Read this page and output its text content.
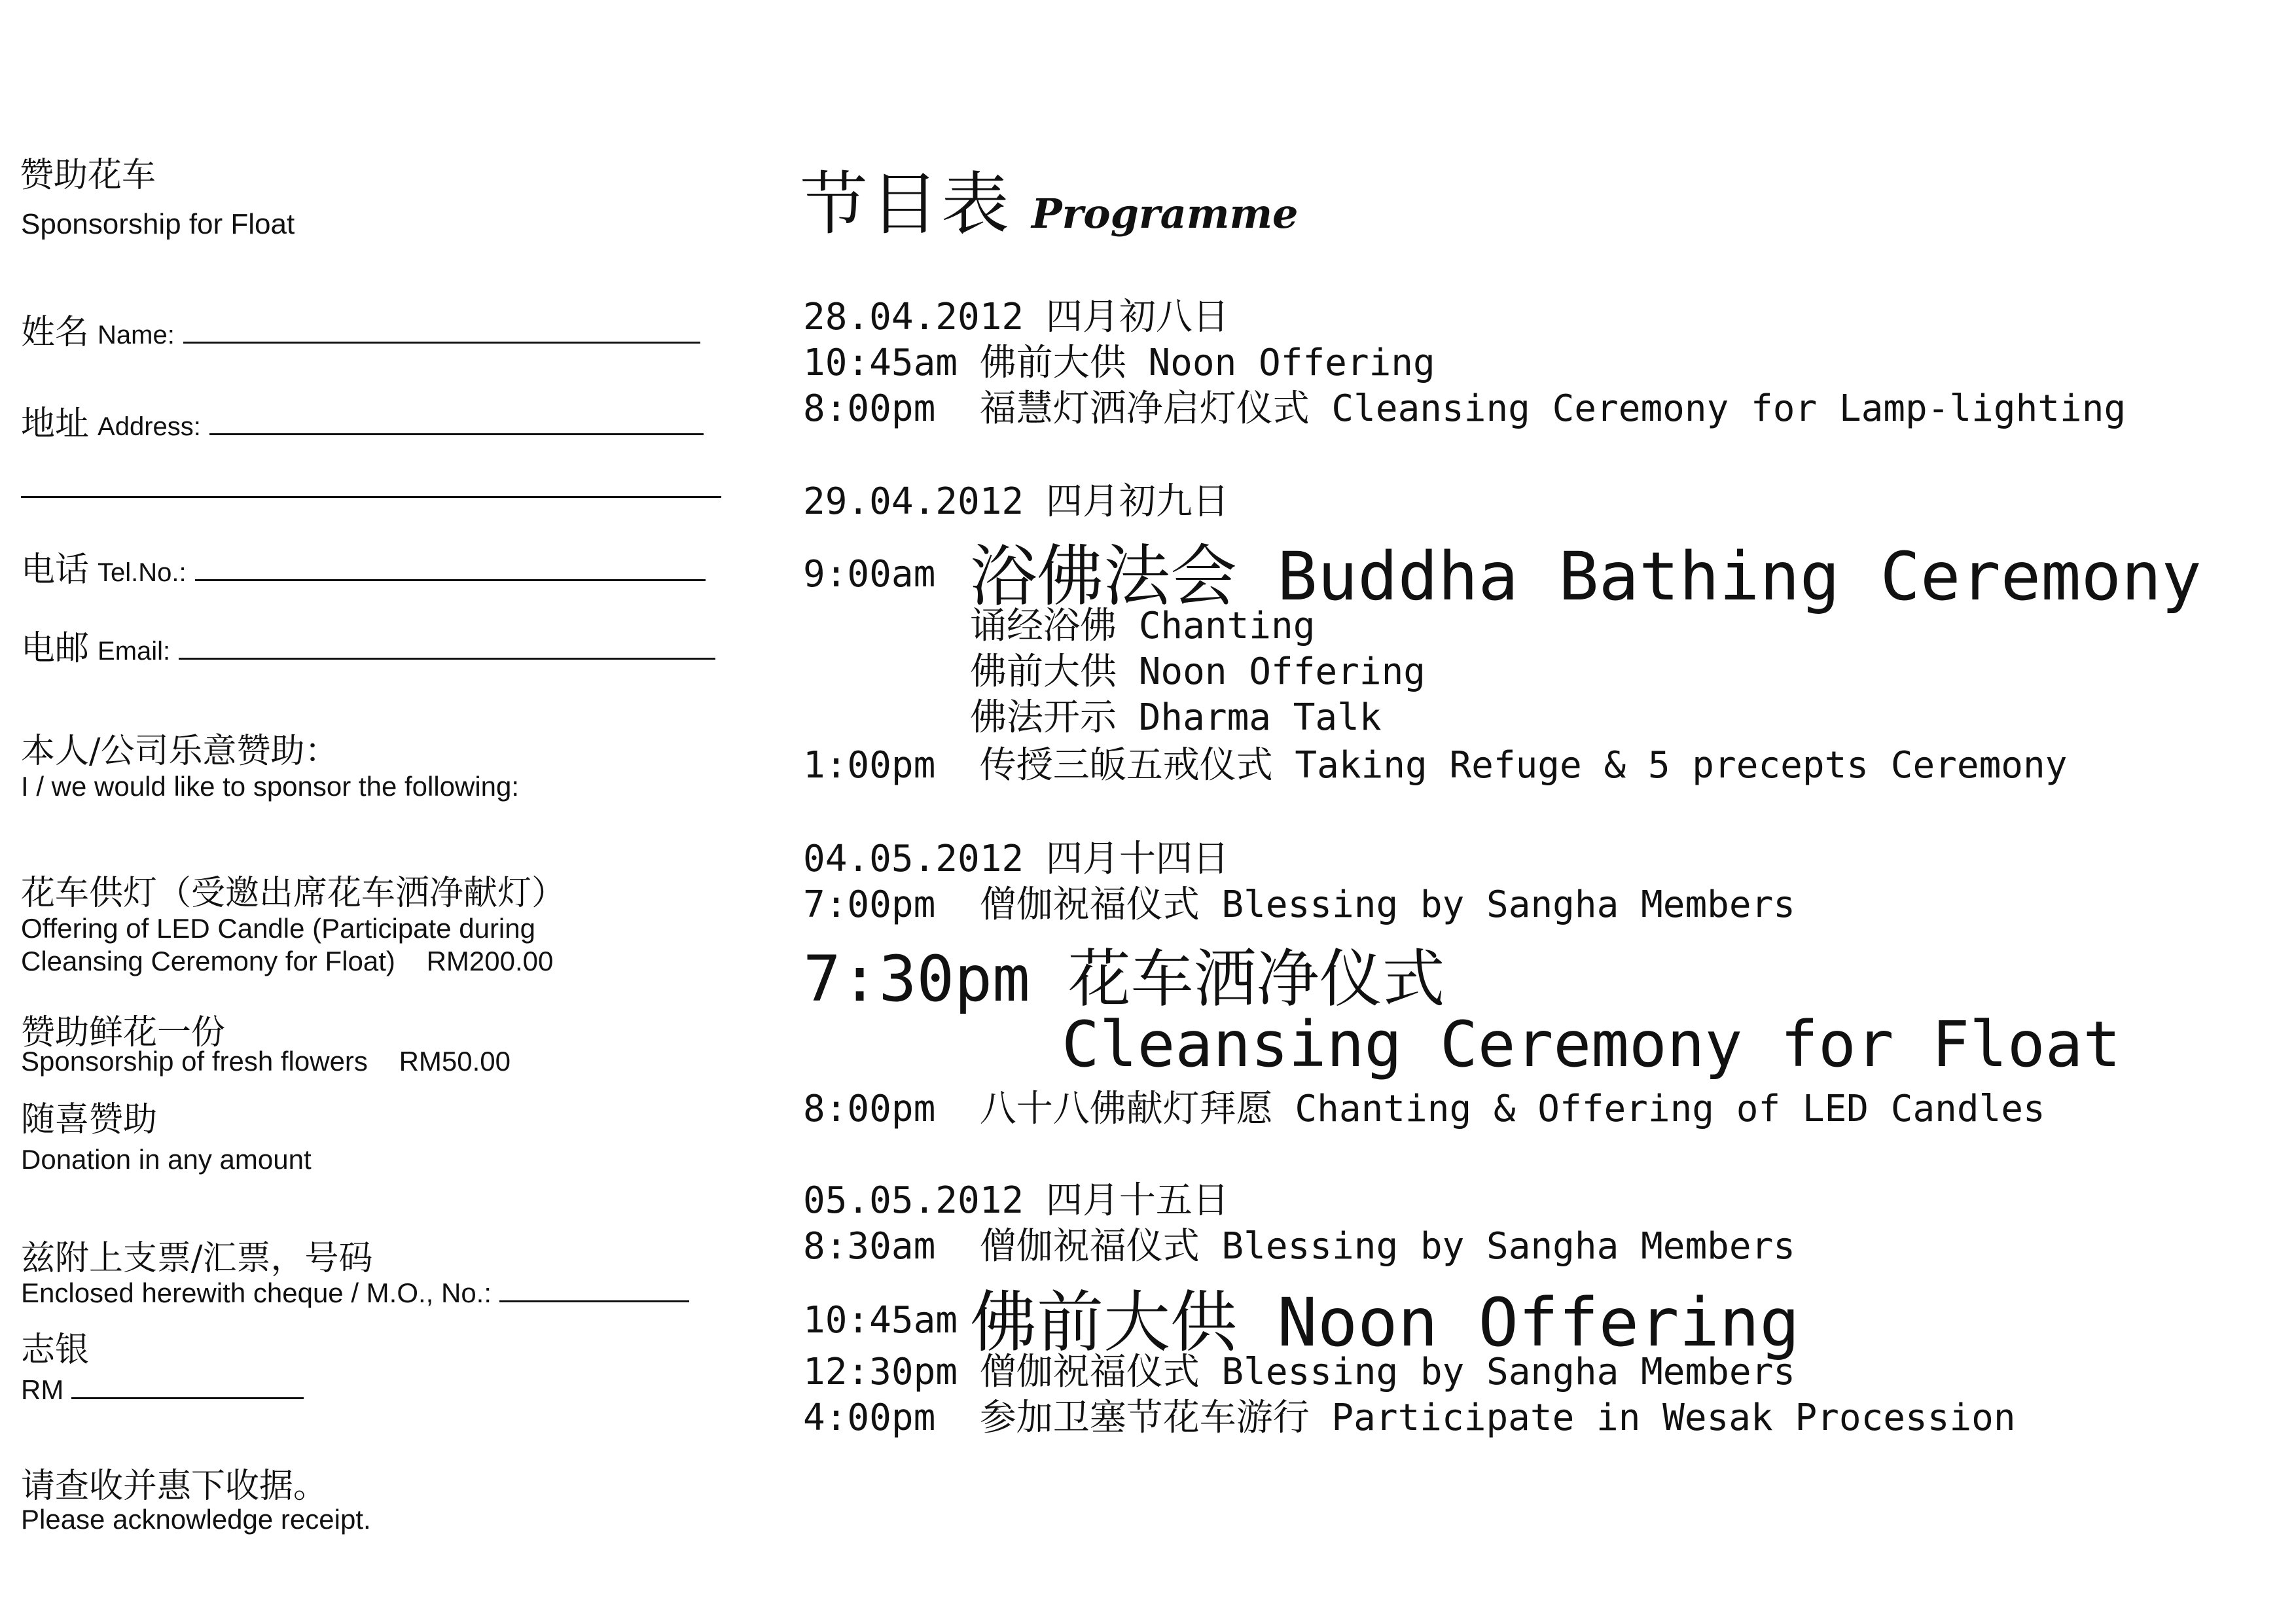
赞助花车
Sponsorship for Float
姓名 Name:
地址 Address:
电话 Tel.No.:
电邮 Email:
本人/公司乐意赞助：
I / we would like to sponsor the following:
花车供灯（受邀出席花车洒净献灯）
Offering of LED Candle (Participate during
Cleansing Ceremony for Float) RM200.00
赞助鲜花一份
Sponsorship of fresh flowers RM50.00
随喜赞助
Donation in any amount
兹附上支票/汇票，号码
Enclosed herewith cheque / M.O., No.:
志银
RM
请查收并惠下收据。
Please acknowledge receipt.
节目表 Programme
28.04.2012 四月初八日
10:45am 佛前大供 Noon Offering
8:00pm  福慧灯洒净启灯仪式 Cleansing Ceremony for Lamp-lighting
29.04.2012 四月初九日
9:00am 浴佛法会 Buddha Bathing Ceremony
诵经浴佛 Chanting
佛前大供 Noon Offering
佛法开示 Dharma Talk
1:00pm  传授三皈五戒仪式 Taking Refuge & 5 precepts Ceremony
04.05.2012 四月十四日
7:00pm  僧伽祝福仪式 Blessing by Sangha Members
7:30pm 花车洒净仪式
Cleansing Ceremony for Float
8:00pm  八十八佛献灯拜愿 Chanting & Offering of LED Candles
05.05.2012 四月十五日
8:30am  僧伽祝福仪式 Blessing by Sangha Members
10:45am 佛前大供 Noon Offering
12:30pm 僧伽祝福仪式 Blessing by Sangha Members
4:00pm  参加卫塞节花车游行 Participate in Wesak Procession
